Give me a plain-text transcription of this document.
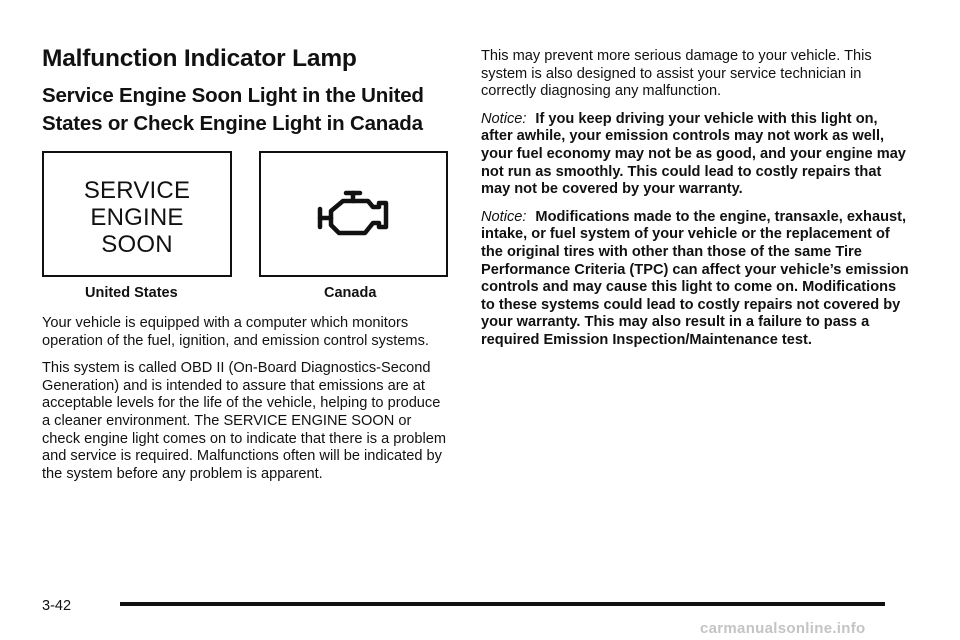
Malfunction Indicator Lamp
Service Engine Soon Light in the United States or Check Engine Light in Canada
SERVICE
ENGINE
SOON
United States	Canada

Your vehicle is equipped with a computer which monitors operation of the fuel, ignition, and emission control systems.

This system is called OBD II (On-Board Diagnostics-Second Generation) and is intended to assure that emissions are at acceptable levels for the life of the vehicle, helping to produce a cleaner environment. The SERVICE ENGINE SOON or check engine light comes on to indicate that there is a problem and service is required. Malfunctions often will be indicated by the system before any problem is apparent.

This may prevent more serious damage to your vehicle. This system is also designed to assist your service technician in correctly diagnosing any malfunction.

Notice: If you keep driving your vehicle with this light on, after awhile, your emission controls may not work as well, your fuel economy may not be as good, and your engine may not run as smoothly. This could lead to costly repairs that may not be covered by your warranty.

Notice: Modifications made to the engine, transaxle, exhaust, intake, or fuel system of your vehicle or the replacement of the original tires with other than those of the same Tire Performance Criteria (TPC) can affect your vehicle’s emission controls and may cause this light to come on. Modifications to these systems could lead to costly repairs not covered by your warranty. This may also result in a failure to pass a required Emission Inspection/Maintenance test.

3-42
carmanualsonline.info
